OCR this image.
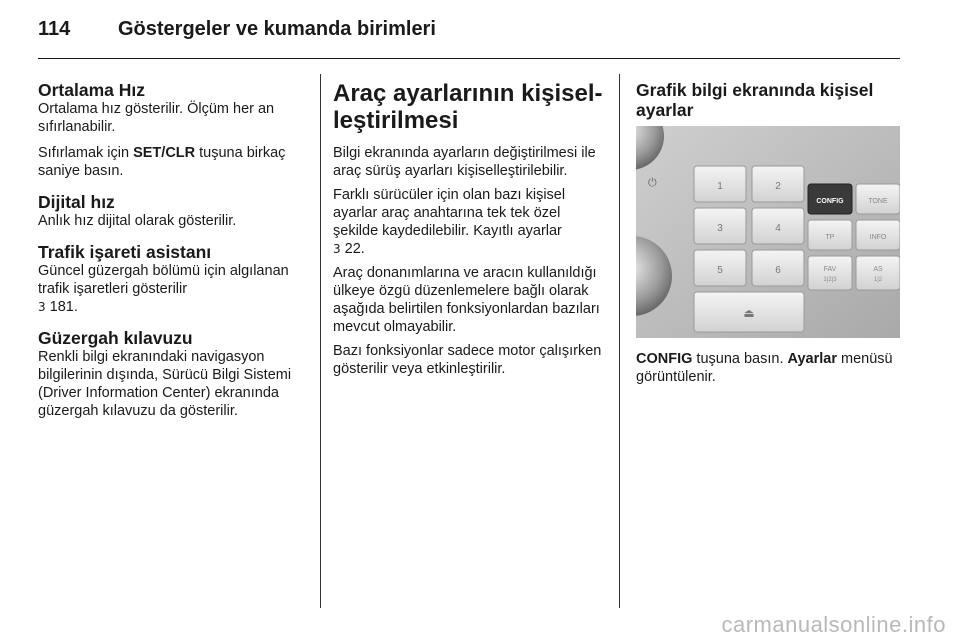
114 Göstergeler ve kumanda birimleri
Ortalama Hız

Ortalama hız gösterilir. Ölçüm her an sıfırlanabilir.

Sıfırlamak için SET/CLR tuşuna birkaç saniye basın.

Dijital hız

Anlık hız dijital olarak gösterilir.

Trafik işareti asistanı

Güncel güzergah bölümü için algılanan trafik işaretleri gösterilir
3 181.

Güzergah kılavuzu

Renkli bilgi ekranındaki navigasyon bilgilerinin dışında, Sürücü Bilgi Sistemi (Driver Information Center) ekranında güzergah kılavuzu da gösterilir.

Araç ayarlarının kişisel-leştirilmesi

Bilgi ekranında ayarların değiştirilmesi ile araç sürüş ayarları kişiselleştirilebilir.

Farklı sürücüler için olan bazı kişisel ayarlar araç anahtarına tek tek özel şekilde kaydedilebilir. Kayıtlı ayarlar
3 22.

Araç donanımlarına ve aracın kullanıldığı ülkeye özgü düzenlemelere bağlı olarak aşağıda belirtilen fonksiyonlardan bazıları mevcut olmayabilir.

Bazı fonksiyonlar sadece motor çalışırken gösterilir veya etkinleştirilir.

Grafik bilgi ekranında kişisel ayarlar
⏻	1	2
3	4
5	6
⏏
CONFIG	TONE
TP	INFO
FAV
1|2|3
AS
1|2

CONFIG tuşuna basın. Ayarlar menüsü görüntülenir.

carmanualsonline.info
